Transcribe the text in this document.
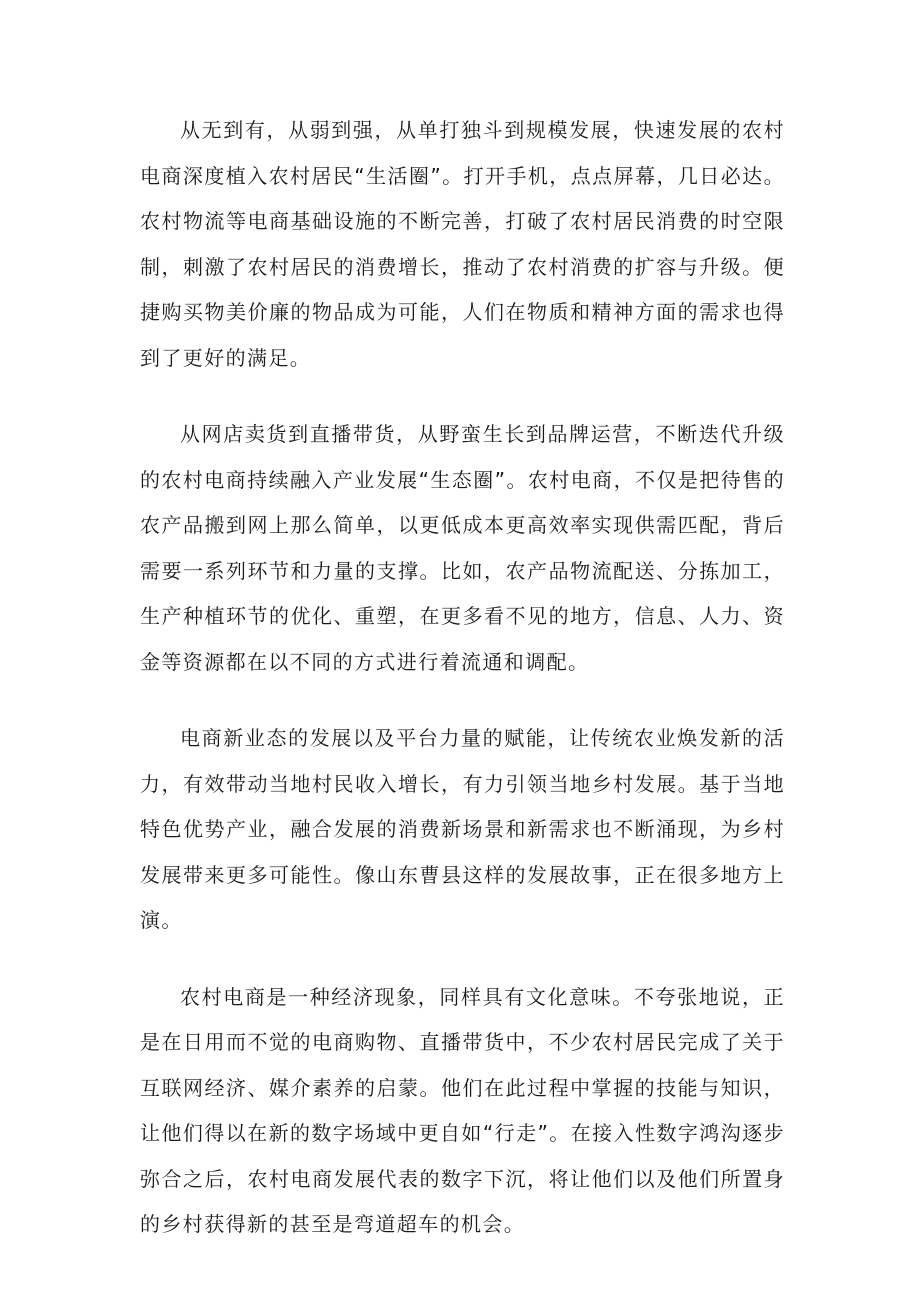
从无到有，从弱到强，从单打独斗到规模发展，快速发展的农村电商深度植入农村居民“生活圈”。打开手机，点点屏幕，几日必达。农村物流等电商基础设施的不断完善，打破了农村居民消费的时空限制，刺激了农村居民的消费增长，推动了农村消费的扩容与升级。便捷购买物美价廉的物品成为可能，人们在物质和精神方面的需求也得到了更好的满足。

从网店卖货到直播带货，从野蛮生长到品牌运营，不断迭代升级的农村电商持续融入产业发展“生态圈”。农村电商，不仅是把待售的农产品搬到网上那么简单，以更低成本更高效率实现供需匹配，背后需要一系列环节和力量的支撑。比如，农产品物流配送、分拣加工，生产种植环节的优化、重塑，在更多看不见的地方，信息、人力、资金等资源都在以不同的方式进行着流通和调配。

电商新业态的发展以及平台力量的赋能，让传统农业焕发新的活力，有效带动当地村民收入增长，有力引领当地乡村发展。基于当地特色优势产业，融合发展的消费新场景和新需求也不断涌现，为乡村发展带来更多可能性。像山东曹县这样的发展故事，正在很多地方上演。

农村电商是一种经济现象，同样具有文化意味。不夸张地说，正是在日用而不觉的电商购物、直播带货中，不少农村居民完成了关于互联网经济、媒介素养的启蒙。他们在此过程中掌握的技能与知识，让他们得以在新的数字场域中更自如“行走”。在接入性数字鸿沟逐步弥合之后，农村电商发展代表的数字下沉，将让他们以及他们所置身的乡村获得新的甚至是弯道超车的机会。
